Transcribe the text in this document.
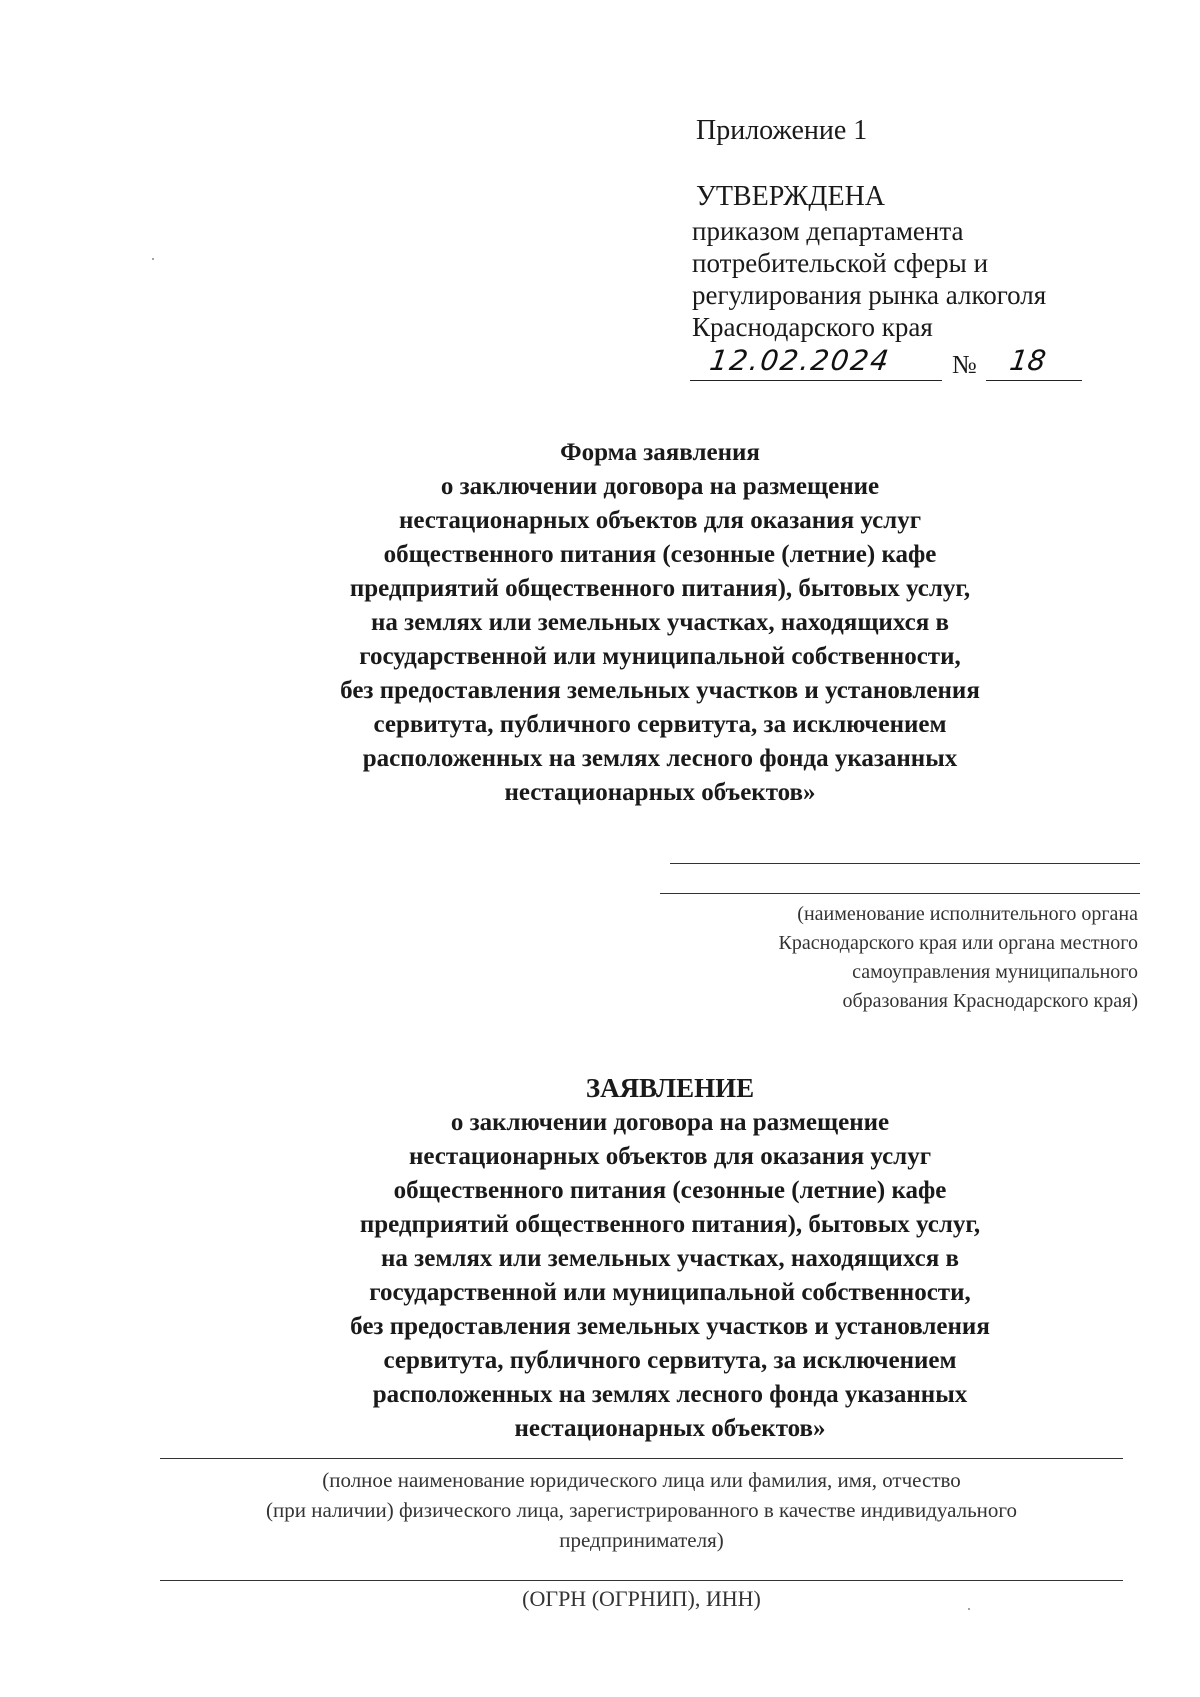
Приложение 1
УТВЕРЖДЕНА
приказом департамента
потребительской сферы и
регулирования рынка алкоголя
Краснодарского края
12.02.2024 № 18
Форма заявления
о заключении договора на размещение
нестационарных объектов для оказания услуг
общественного питания (сезонные (летние) кафе
предприятий общественного питания), бытовых услуг,
на землях или земельных участках, находящихся в
государственной или муниципальной собственности,
без предоставления земельных участков и установления
сервитута, публичного сервитута, за исключением
расположенных на землях лесного фонда указанных
нестационарных объектов»
(наименование исполнительного органа
Краснодарского края или органа местного
самоуправления муниципального
образования Краснодарского края)
ЗАЯВЛЕНИЕ
о заключении договора на размещение
нестационарных объектов для оказания услуг
общественного питания (сезонные (летние) кафе
предприятий общественного питания), бытовых услуг,
на землях или земельных участках, находящихся в
государственной или муниципальной собственности,
без предоставления земельных участков и установления
сервитута, публичного сервитута, за исключением
расположенных на землях лесного фонда указанных
нестационарных объектов»
(полное наименование юридического лица или фамилия, имя, отчество
(при наличии) физического лица, зарегистрированного в качестве индивидуального
предпринимателя)
(ОГРН (ОГРНИП), ИНН)
